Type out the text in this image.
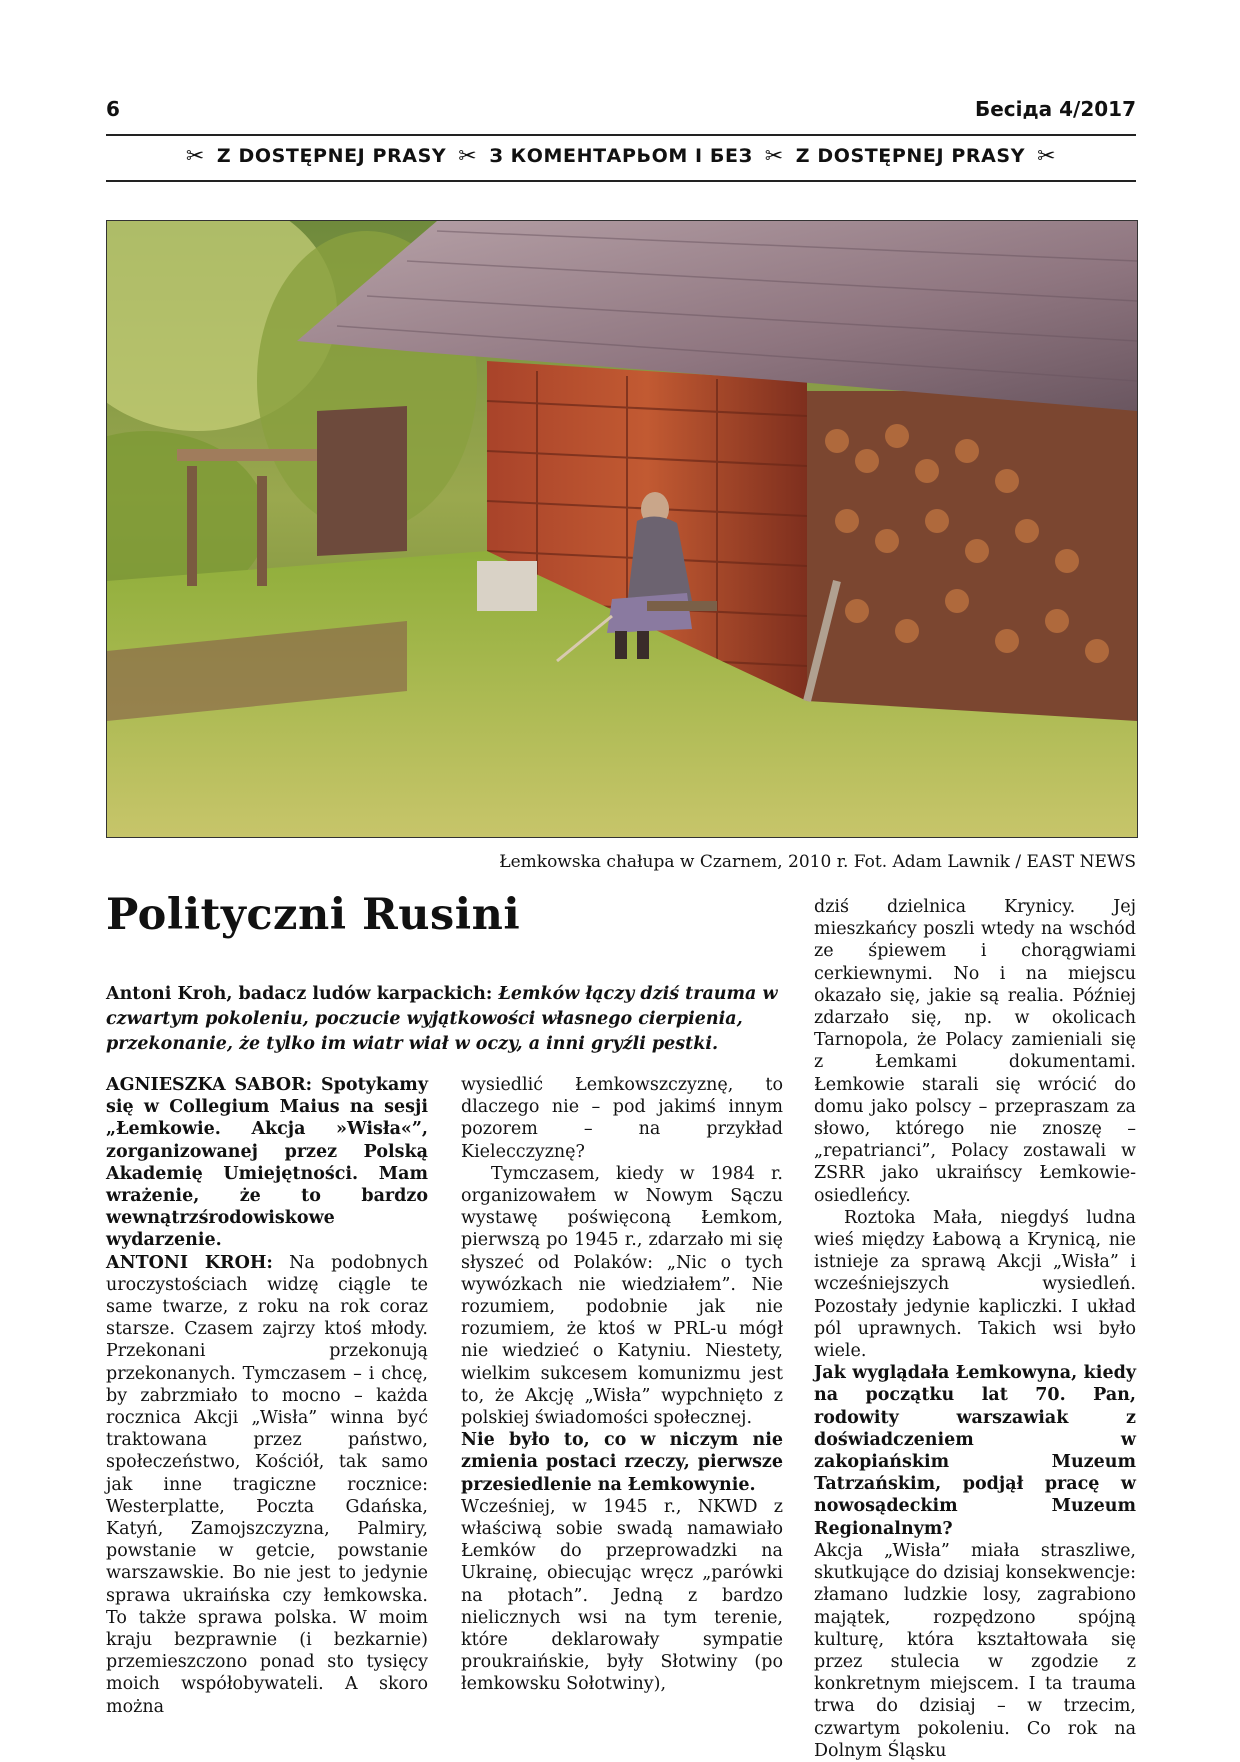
6	Бесіда 4/2017
✂ Z DOSTĘPNEJ PRASY ✂ З КОМЕНТАРЬОМ І БЕЗ ✂ Z DOSTĘPNEJ PRASY ✂
Łemkowska chałupa w Czarnem, 2010 r. Fot. Adam Lawnik / EAST NEWS
Polityczni Rusini
Antoni Kroh, badacz ludów karpackich: Łemków łączy dziś trauma w czwartym pokoleniu, poczucie wyjątkowości własnego cierpienia, przekonanie, że tylko im wiatr wiał w oczy, a inni gryźli pestki.

AGNIESZKA SABOR: Spotykamy się w Collegium Maius na sesji „Łemkowie. Akcja »Wisła«”, zorganizowanej przez Polską Akademię Umiejętności. Mam wrażenie, że to bardzo wewnątrzśrodowiskowe wydarzenie.

ANTONI KROH: Na podobnych uroczystościach widzę ciągle te same twarze, z roku na rok coraz starsze. Czasem zajrzy ktoś młody. Przekonani przekonują przekonanych. Tymczasem – i chcę, by zabrzmiało to mocno – każda rocznica Akcji „Wisła” winna być traktowana przez państwo, społeczeństwo, Kościół, tak samo jak inne tragiczne rocznice: Westerplatte, Poczta Gdańska, Katyń, Zamojszczyzna, Palmiry, powstanie w getcie, powstanie warszawskie. Bo nie jest to jedynie sprawa ukraińska czy łemkowska. To także sprawa polska. W moim kraju bezprawnie (i bezkarnie) przemieszczono ponad sto tysięcy moich współobywateli. A skoro można

wysiedlić Łemkowszczyznę, to dlaczego nie – pod jakimś innym pozorem – na przykład Kielecczyznę?

Tymczasem, kiedy w 1984 r. organizowałem w Nowym Sączu wystawę poświęconą Łemkom, pierwszą po 1945 r., zdarzało mi się słyszeć od Polaków: „Nic o tych wywózkach nie wiedziałem”. Nie rozumiem, podobnie jak nie rozumiem, że ktoś w PRL-u mógł nie wiedzieć o Katyniu. Niestety, wielkim sukcesem komunizmu jest to, że Akcję „Wisła” wypchnięto z polskiej świadomości społecznej.

Nie było to, co w niczym nie zmienia postaci rzeczy, pierwsze przesiedlenie na Łemkowynie.

Wcześniej, w 1945 r., NKWD z właściwą sobie swadą namawiało Łemków do przeprowadzki na Ukrainę, obiecując wręcz „parówki na płotach”. Jedną z bardzo nielicznych wsi na tym terenie, które deklarowały sympatie proukraińskie, były Słotwiny (po łemkowsku Sołotwiny),

dziś dzielnica Krynicy. Jej mieszkańcy poszli wtedy na wschód ze śpiewem i chorągwiami cerkiewnymi. No i na miejscu okazało się, jakie są realia. Później zdarzało się, np. w okolicach Tarnopola, że Polacy zamieniali się z Łemkami dokumentami. Łemkowie starali się wrócić do domu jako polscy – przepraszam za słowo, którego nie znoszę – „repatrianci”, Polacy zostawali w ZSRR jako ukraińscy Łemkowie-osiedleńcy.

Roztoka Mała, niegdyś ludna wieś między Łabową a Krynicą, nie istnieje za sprawą Akcji „Wisła” i wcześniejszych wysiedleń. Pozostały jedynie kapliczki. I układ pól uprawnych. Takich wsi było wiele.

Jak wyglądała Łemkowyna, kiedy na początku lat 70. Pan, rodowity warszawiak z doświadczeniem w zakopiańskim Muzeum Tatrzańskim, podjął pracę w nowosądeckim Muzeum Regionalnym?

Akcja „Wisła” miała straszliwe, skutkujące do dzisiaj konsekwencje: złamano ludzkie losy, zagrabiono majątek, rozpędzono spójną kulturę, która kształtowała się przez stulecia w zgodzie z konkretnym miejscem. I ta trauma trwa do dzisiaj – w trzecim, czwartym pokoleniu. Co rok na Dolnym Śląsku
